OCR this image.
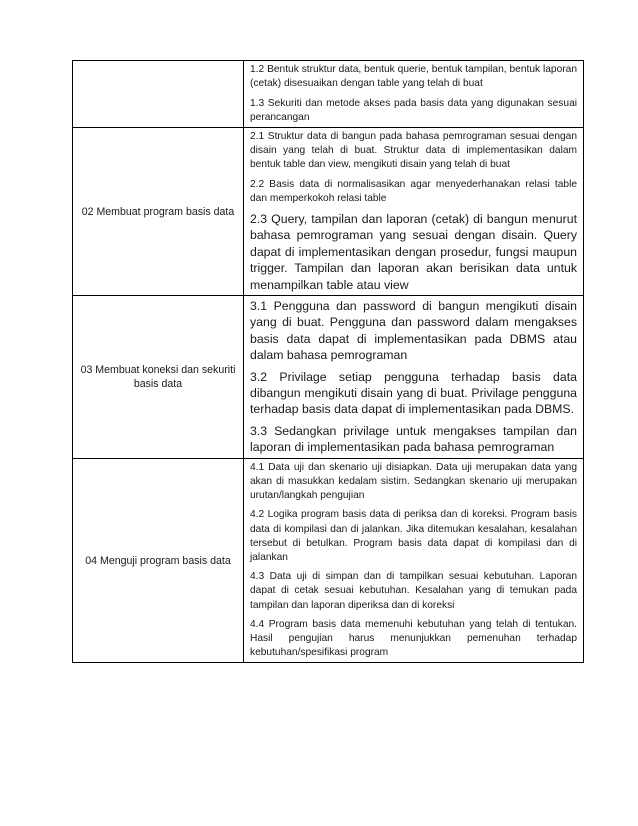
	1.2 Bentuk struktur data, bentuk querie, bentuk tampilan, bentuk laporan (cetak) disesuaikan dengan table yang telah di buat
1.3 Sekuriti dan metode akses pada basis data yang digunakan sesuai perancangan

02 Membuat program basis data	2.1 Struktur data di bangun pada bahasa pemrograman sesuai dengan disain yang telah di buat. Struktur data di implementasikan dalam bentuk table dan view, mengikuti disain yang telah di buat
2.2 Basis data di normalisasikan agar menyederhanakan relasi table dan memperkokoh relasi table
2.3 Query, tampilan dan laporan (cetak) di bangun menurut bahasa pemrograman yang sesuai dengan disain. Query dapat di implementasikan dengan prosedur, fungsi maupun trigger. Tampilan dan laporan akan berisikan data untuk menampilkan table atau view

03 Membuat koneksi dan sekuriti basis data	3.1 Pengguna dan password di bangun mengikuti disain yang di buat. Pengguna dan password dalam mengakses basis data dapat di implementasikan pada DBMS atau dalam bahasa pemrograman
3.2 Privilage setiap pengguna terhadap basis data dibangun mengikuti disain yang di buat. Privilage pengguna terhadap basis data dapat di implementasikan pada DBMS.
3.3 Sedangkan privilage untuk mengakses tampilan dan laporan di implementasikan pada bahasa pemrograman

04 Menguji program basis data	4.1 Data uji dan skenario uji disiapkan. Data uji merupakan data yang akan di masukkan kedalam sistim. Sedangkan skenario uji merupakan urutan/langkah pengujian
4.2 Logika program basis data di periksa dan di koreksi. Program basis data di kompilasi dan di jalankan. Jika ditemukan kesalahan, kesalahan tersebut di betulkan. Program basis data dapat di kompilasi dan di jalankan
4.3 Data uji di simpan dan di tampilkan sesuai kebutuhan. Laporan dapat di cetak sesuai kebutuhan. Kesalahan yang di temukan pada tampilan dan laporan diperiksa dan di koreksi
4.4 Program basis data memenuhi kebutuhan yang telah di tentukan. Hasil pengujian harus menunjukkan pemenuhan terhadap kebutuhan/spesifikasi program
